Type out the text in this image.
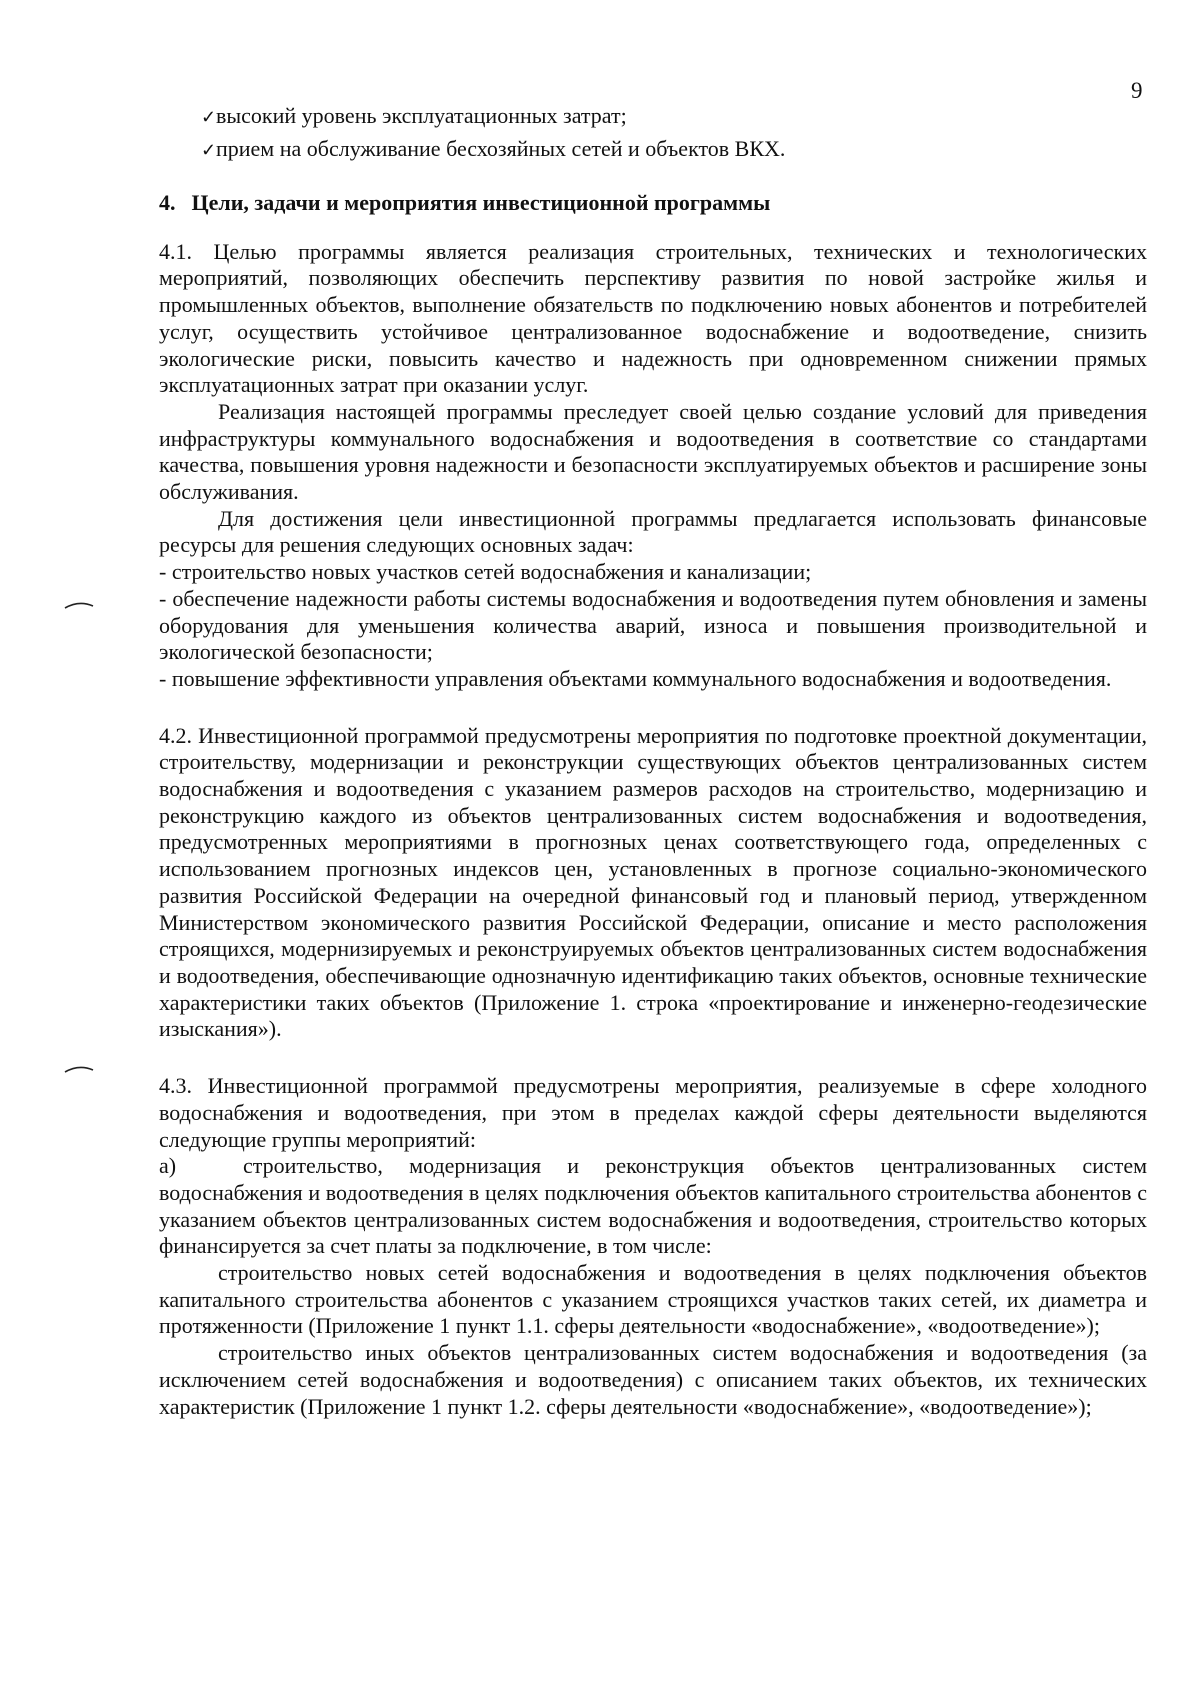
9
✓высокий уровень эксплуатационных затрат;
✓прием на обслуживание бесхозяйных сетей и объектов ВКХ.
4. Цели, задачи и мероприятия инвестиционной программы

4.1. Целью программы является реализация строительных, технических и технологических мероприятий, позволяющих обеспечить перспективу развития по новой застройке жилья и промышленных объектов, выполнение обязательств по подключению новых абонентов и потребителей услуг, осуществить устойчивое централизованное водоснабжение и водоотведение, снизить экологические риски, повысить качество и надежность при одновременном снижении прямых эксплуатационных затрат при оказании услуг.

Реализация настоящей программы преследует своей целью создание условий для приведения инфраструктуры коммунального водоснабжения и водоотведения в соответствие со стандартами качества, повышения уровня надежности и безопасности эксплуатируемых объектов и расширение зоны обслуживания.

Для достижения цели инвестиционной программы предлагается использовать финансовые ресурсы для решения следующих основных задач:

- строительство новых участков сетей водоснабжения и канализации;

- обеспечение надежности работы системы водоснабжения и водоотведения путем обновления и замены оборудования для уменьшения количества аварий, износа и повышения производительной и экологической безопасности;

- повышение эффективности управления объектами коммунального водоснабжения и водоотведения.

4.2. Инвестиционной программой предусмотрены мероприятия по подготовке проектной документации, строительству, модернизации и реконструкции существующих объектов централизованных систем водоснабжения и водоотведения с указанием размеров расходов на строительство, модернизацию и реконструкцию каждого из объектов централизованных систем водоснабжения и водоотведения, предусмотренных мероприятиями в прогнозных ценах соответствующего года, определенных с использованием прогнозных индексов цен, установленных в прогнозе социально-экономического развития Российской Федерации на очередной финансовый год и плановый период, утвержденном Министерством экономического развития Российской Федерации, описание и место расположения строящихся, модернизируемых и реконструируемых объектов централизованных систем водоснабжения и водоотведения, обеспечивающие однозначную идентификацию таких объектов, основные технические характеристики таких объектов (Приложение 1. строка «проектирование и инженерно-геодезические изыскания»).

4.3. Инвестиционной программой предусмотрены мероприятия, реализуемые в сфере холодного водоснабжения и водоотведения, при этом в пределах каждой сферы деятельности выделяются следующие группы мероприятий:

а)	строительство, модернизация и реконструкция объектов централизованных систем водоснабжения и водоотведения в целях подключения объектов капитального строительства абонентов с указанием объектов централизованных систем водоснабжения и водоотведения, строительство которых финансируется за счет платы за подключение, в том числе:

строительство новых сетей водоснабжения и водоотведения в целях подключения объектов капитального строительства абонентов с указанием строящихся участков таких сетей, их диаметра и протяженности (Приложение 1 пункт 1.1. сферы деятельности «водоснабжение», «водоотведение»);

строительство иных объектов централизованных систем водоснабжения и водоотведения (за исключением сетей водоснабжения и водоотведения) с описанием таких объектов, их технических характеристик (Приложение 1 пункт 1.2. сферы деятельности «водоснабжение», «водоотведение»);
